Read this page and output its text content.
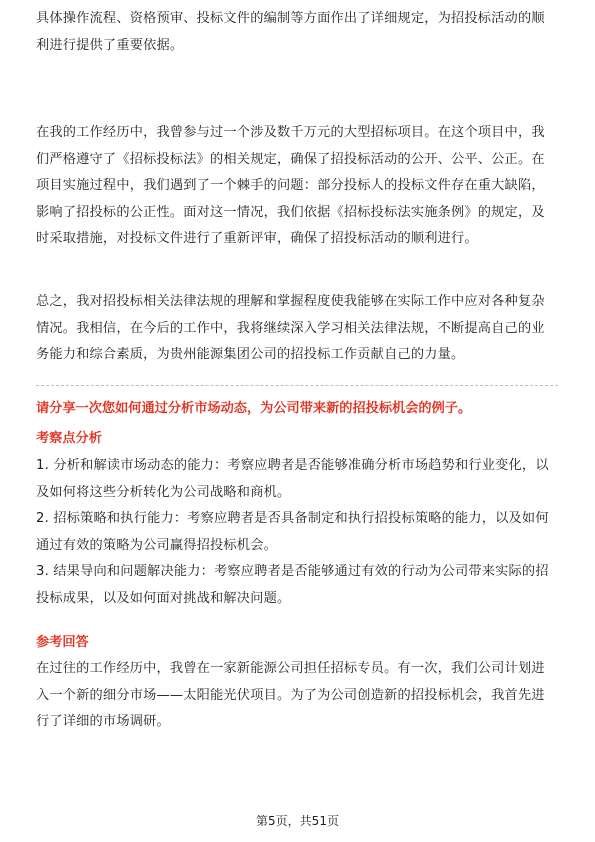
具体操作流程、资格预审、投标文件的编制等方面作出了详细规定，为招投标活动的顺利进行提供了重要依据。

在我的工作经历中，我曾参与过一个涉及数千万元的大型招标项目。在这个项目中，我们严格遵守了《招标投标法》的相关规定，确保了招投标活动的公开、公平、公正。在项目实施过程中，我们遇到了一个棘手的问题：部分投标人的投标文件存在重大缺陷，影响了招投标的公正性。面对这一情况，我们依据《招标投标法实施条例》的规定，及时采取措施，对投标文件进行了重新评审，确保了招投标活动的顺利进行。

总之，我对招投标相关法律法规的理解和掌握程度使我能够在实际工作中应对各种复杂情况。我相信，在今后的工作中，我将继续深入学习相关法律法规，不断提高自己的业务能力和综合素质，为贵州能源集团公司的招投标工作贡献自己的力量。

请分享一次您如何通过分析市场动态，为公司带来新的招投标机会的例子。

考察点分析

1. 分析和解读市场动态的能力：考察应聘者是否能够准确分析市场趋势和行业变化，以及如何将这些分析转化为公司战略和商机。

2. 招标策略和执行能力：考察应聘者是否具备制定和执行招投标策略的能力，以及如何通过有效的策略为公司赢得招投标机会。

3. 结果导向和问题解决能力：考察应聘者是否能够通过有效的行动为公司带来实际的招投标成果，以及如何面对挑战和解决问题。

参考回答

在过往的工作经历中，我曾在一家新能源公司担任招标专员。有一次，我们公司计划进入一个新的细分市场——太阳能光伏项目。为了为公司创造新的招投标机会，我首先进行了详细的市场调研。

第5页，共51页
